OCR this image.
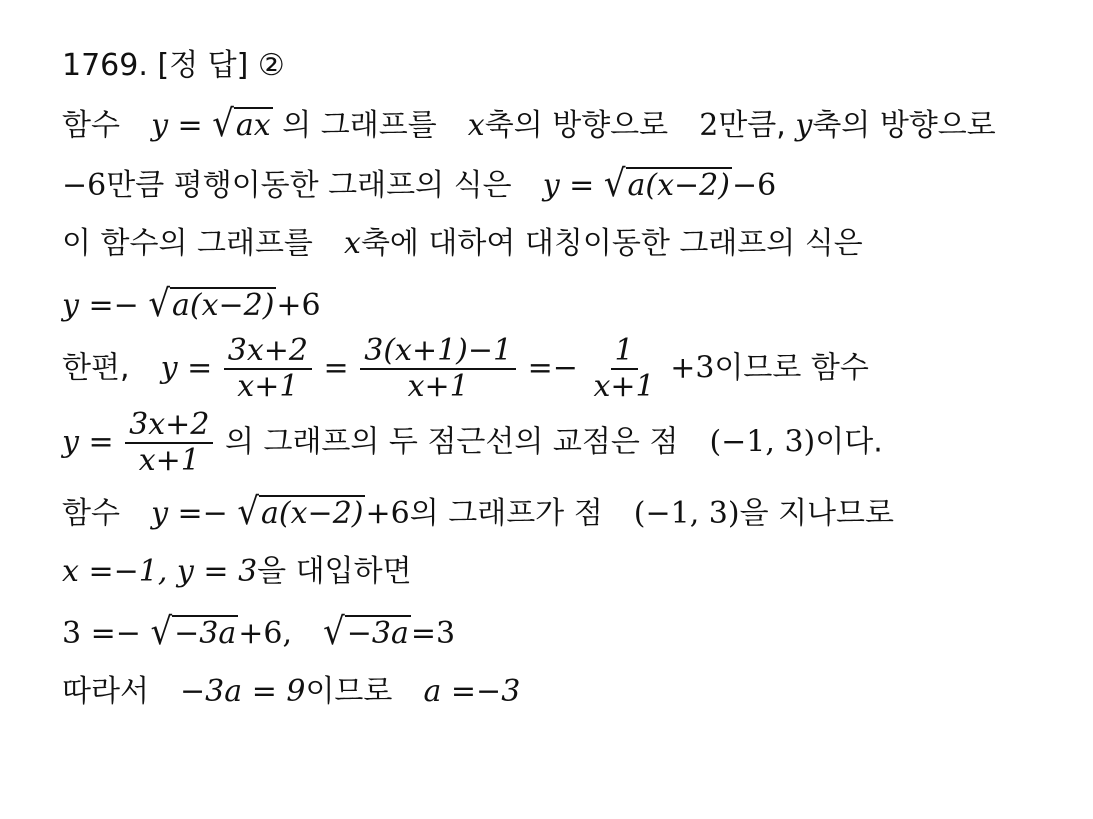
1769. [정 답] ②
함수 y = √ax 의 그래프를 x축의 방향으로 2만큼, y축의 방향으로
−6만큼 평행이동한 그래프의 식은 y = √a(x−2)−6
이 함수의 그래프를 x축에 대하여 대칭이동한 그래프의 식은
y =− √a(x−2)+6
한편, $y = \frac{3x+2}{x+1} = \frac{3(x+1)-1}{x+1} =- \frac{1}{x+1} +3$이므로 함수
$y = \frac{3x+2}{x+1}$ 의 그래프의 두 점근선의 교점은 점 (−1, 3)이다.
함수 y =− √a(x−2)+6의 그래프가 점 (−1, 3)을 지나므로
x =−1, y = 3을 대입하면
3 =− √−3a+6, √−3a=3
따라서 −3a = 9이므로 a =−3
